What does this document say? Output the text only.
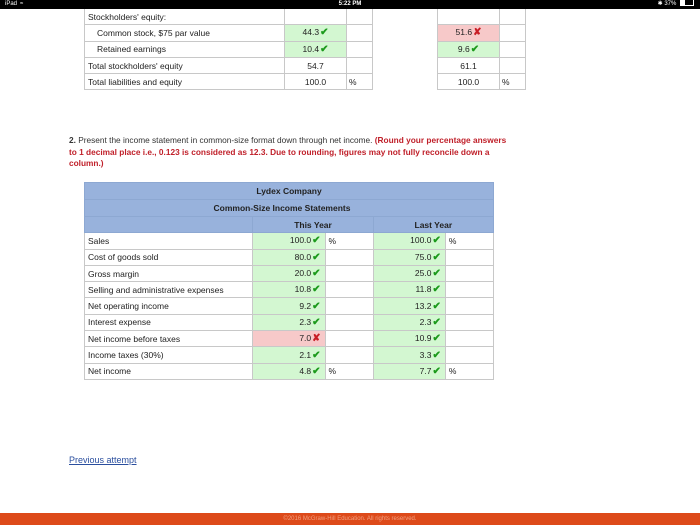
iPad ≈	5:22 PM	✱ 37%
Stockholders' equity:					
Common stock, $75 par value	44.3✔			51.6✘	
Retained earnings	10.4✔			9.6✔	
Total stockholders' equity	54.7			61.1	
Total liabilities and equity	100.0	%		100.0	%
2. Present the income statement in common-size format down through net income. (Round your percentage answers to 1 decimal place i.e., 0.123 is considered as 12.3. Due to rounding, figures may not fully reconcile down a column.)
Lydex Company
Common-Size Income Statements
	This Year		Last Year	
Sales	100.0✔	%	100.0✔	%
Cost of goods sold	80.0✔		75.0✔	
Gross margin	20.0✔		25.0✔	
Selling and administrative expenses	10.8✔		11.8✔	
Net operating income	9.2✔		13.2✔	
Interest expense	2.3✔		2.3✔	
Net income before taxes	7.0✘		10.9✔	
Income taxes (30%)	2.1✔		3.3✔	
Net income	4.8✔	%	7.7✔	%
Previous attempt
©2016 McGraw-Hill Education. All rights reserved.
